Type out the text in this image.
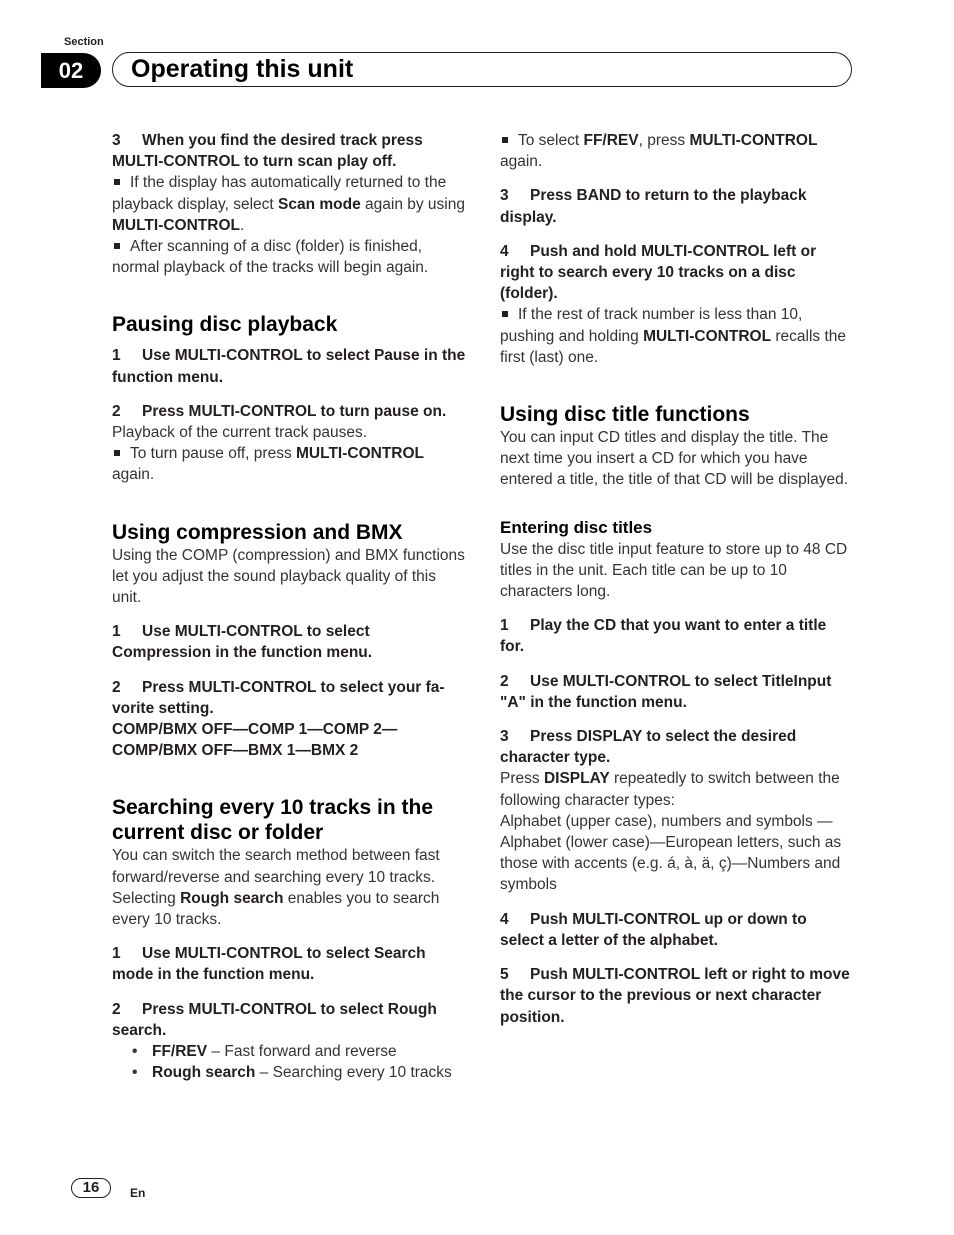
Section
02	Operating this unit

3 When you find the desired track press MULTI-CONTROL to turn scan play off.

If the display has automatically returned to the playback display, select Scan mode again by using MULTI-CONTROL.

After scanning of a disc (folder) is finished, normal playback of the tracks will begin again.

Pausing disc playback

1 Use MULTI-CONTROL to select Pause in the function menu.

2 Press MULTI-CONTROL to turn pause on.

Playback of the current track pauses.

To turn pause off, press MULTI-CONTROL again.

Using compression and BMX

Using the COMP (compression) and BMX functions let you adjust the sound playback quality of this unit.

1 Use MULTI-CONTROL to select Compression in the function menu.

2 Press MULTI-CONTROL to select your fa-vorite setting.

COMP/BMX OFF—COMP 1—COMP 2—COMP/BMX OFF—BMX 1—BMX 2

Searching every 10 tracks in the current disc or folder

You can switch the search method between fast forward/reverse and searching every 10 tracks. Selecting Rough search enables you to search every 10 tracks.

1 Use MULTI-CONTROL to select Search mode in the function menu.

2 Press MULTI-CONTROL to select Rough search.

• FF/REV – Fast forward and reverse

• Rough search – Searching every 10 tracks

To select FF/REV, press MULTI-CONTROL again.

3 Press BAND to return to the playback display.

4 Push and hold MULTI-CONTROL left or right to search every 10 tracks on a disc (folder).

If the rest of track number is less than 10, pushing and holding MULTI-CONTROL recalls the first (last) one.

Using disc title functions

You can input CD titles and display the title. The next time you insert a CD for which you have entered a title, the title of that CD will be displayed.

Entering disc titles

Use the disc title input feature to store up to 48 CD titles in the unit. Each title can be up to 10 characters long.

1 Play the CD that you want to enter a title for.

2 Use MULTI-CONTROL to select TitleInput "A" in the function menu.

3 Press DISPLAY to select the desired character type.

Press DISPLAY repeatedly to switch between the following character types:

Alphabet (upper case), numbers and symbols —Alphabet (lower case)—European letters, such as those with accents (e.g. á, à, ä, ç)—Numbers and symbols

4 Push MULTI-CONTROL up or down to select a letter of the alphabet.

5 Push MULTI-CONTROL left or right to move the cursor to the previous or next character position.

16	En
